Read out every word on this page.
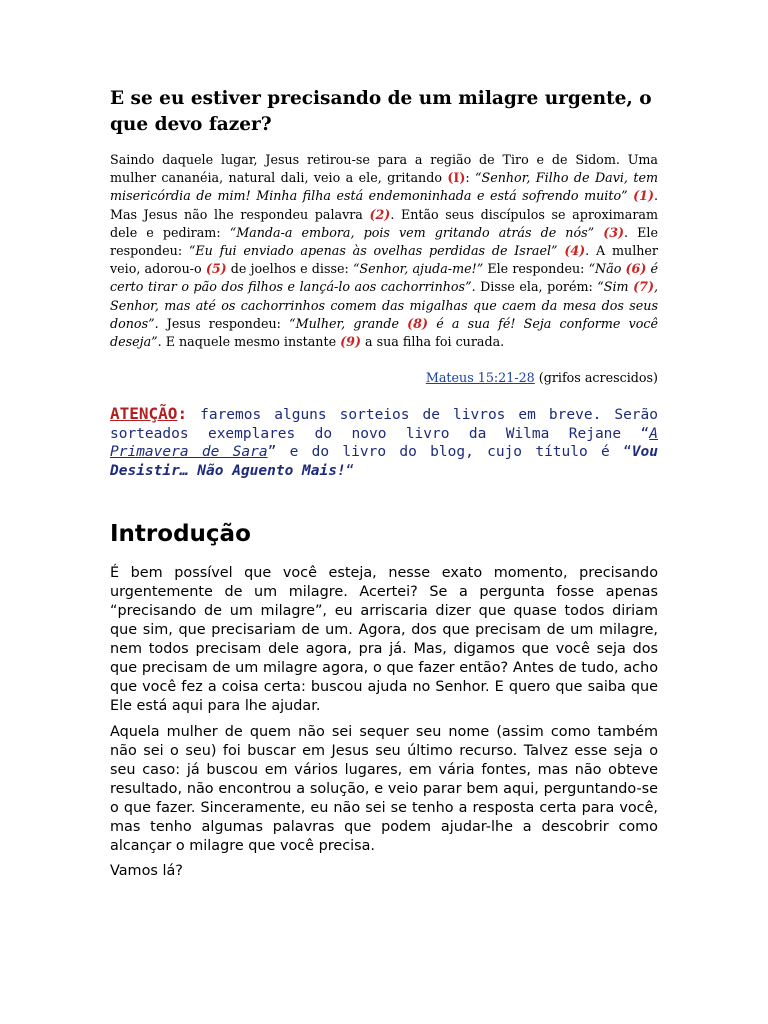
E se eu estiver precisando de um milagre urgente, o que devo fazer?

Saindo daquele lugar, Jesus retirou-se para a região de Tiro e de Sidom. Uma mulher cananéia, natural dali, veio a ele, gritando (I): “Senhor, Filho de Davi, tem misericórdia de mim! Minha filha está endemoninhada e está sofrendo muito” (1). Mas Jesus não lhe respondeu palavra (2). Então seus discípulos se aproximaram dele e pediram: “Manda-a embora, pois vem gritando atrás de nós” (3). Ele respondeu: “Eu fui enviado apenas às ovelhas perdidas de Israel” (4). A mulher veio, adorou-o (5) de joelhos e disse: “Senhor, ajuda-me!” Ele respondeu: “Não (6) é certo tirar o pão dos filhos e lançá-lo aos cachorrinhos”. Disse ela, porém: “Sim (7), Senhor, mas até os cachorrinhos comem das migalhas que caem da mesa dos seus donos”. Jesus respondeu: “Mulher, grande (8) é a sua fé! Seja conforme você deseja”. E naquele mesmo instante (9) a sua filha foi curada.

Mateus 15:21-28 (grifos acrescidos)

ATENÇÃO: faremos alguns sorteios de livros em breve. Serão sorteados exemplares do novo livro da Wilma Rejane “A Primavera de Sara” e do livro do blog, cujo título é “Vou Desistir… Não Aguento Mais!“

Introdução

É bem possível que você esteja, nesse exato momento, precisando urgentemente de um milagre. Acertei? Se a pergunta fosse apenas “precisando de um milagre”, eu arriscaria dizer que quase todos diriam que sim, que precisariam de um. Agora, dos que precisam de um milagre, nem todos precisam dele agora, pra já. Mas, digamos que você seja dos que precisam de um milagre agora, o que fazer então? Antes de tudo, acho que você fez a coisa certa: buscou ajuda no Senhor. E quero que saiba que Ele está aqui para lhe ajudar.

Aquela mulher de quem não sei sequer seu nome (assim como também não sei o seu) foi buscar em Jesus seu último recurso. Talvez esse seja o seu caso: já buscou em vários lugares, em vária fontes, mas não obteve resultado, não encontrou a solução, e veio parar bem aqui, perguntando-se o que fazer. Sinceramente, eu não sei se tenho a resposta certa para você, mas tenho algumas palavras que podem ajudar-lhe a descobrir como alcançar o milagre que você precisa.

Vamos lá?
